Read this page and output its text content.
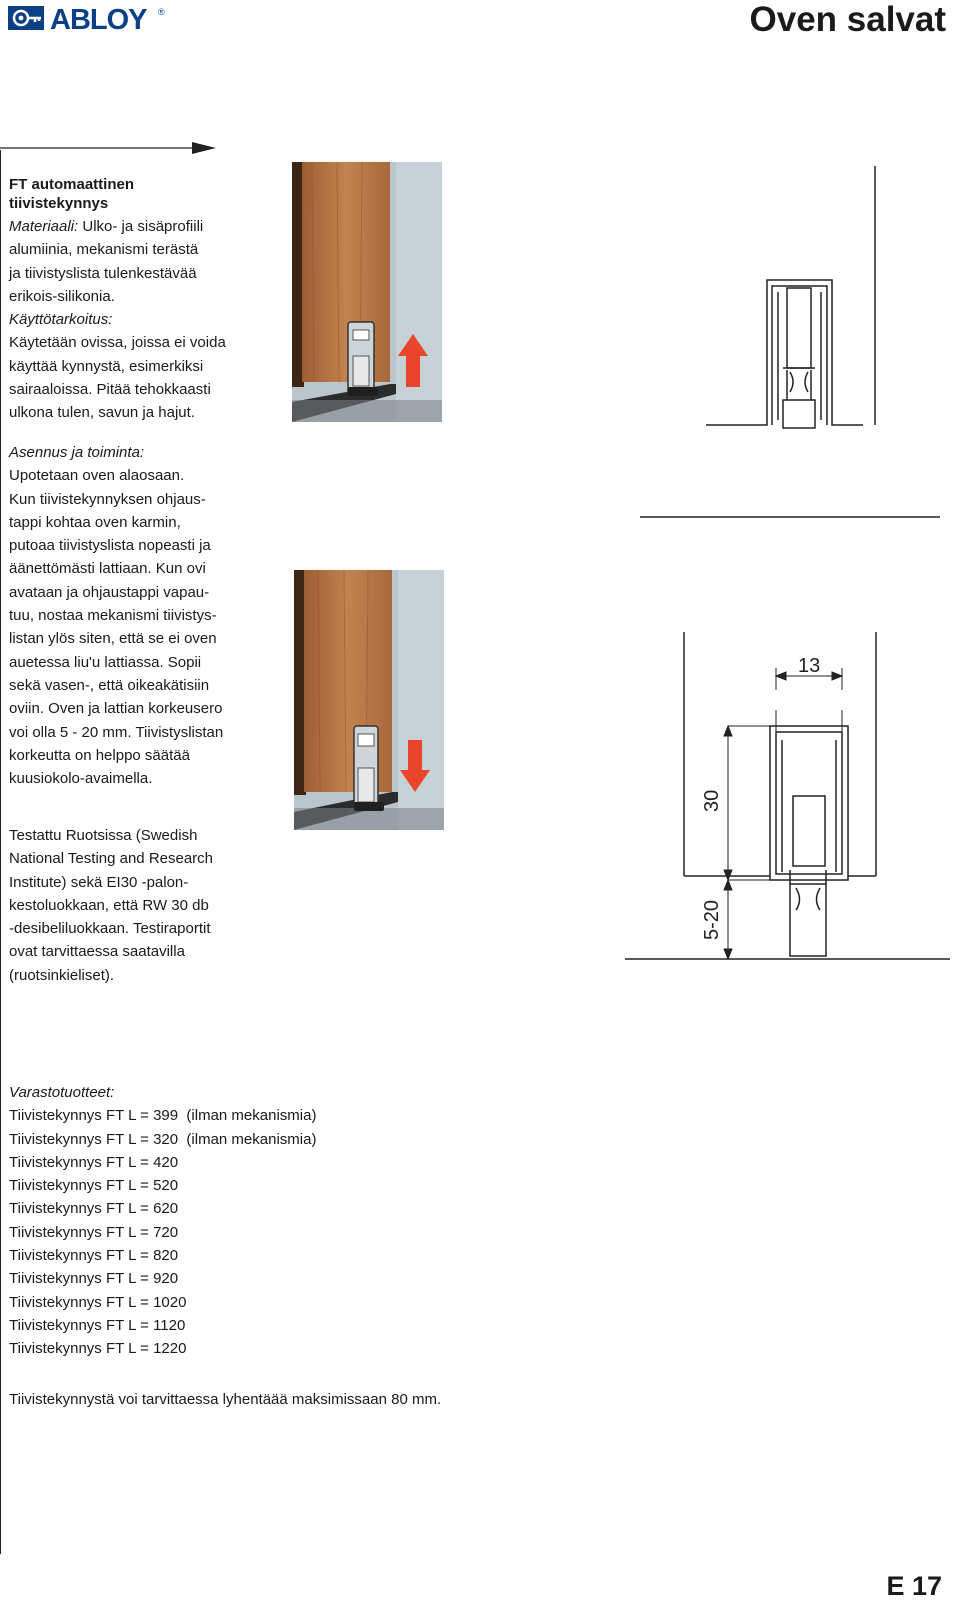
ABLOY ®	Oven salvat

FT automaattinen

tiivistekynnys

Materiaali: Ulko- ja sisäprofiili

alumiinia, mekanismi terästä

ja tiivistyslista tulenkestävää

erikois-silikonia.

Käyttötarkoitus:

Käytetään ovissa, joissa ei voida

käyttää kynnystä, esimerkiksi

sairaaloissa. Pitää tehokkaasti

ulkona tulen, savun ja hajut.

Asennus ja toiminta:

Upotetaan oven alaosaan.

Kun tiivistekynnyksen ohjaus-

tappi kohtaa oven karmin,

putoaa tiivistyslista nopeasti ja

äänettömästi lattiaan. Kun ovi

avataan ja ohjaustappi vapau-

tuu, nostaa mekanismi tiivistys-

listan ylös siten, että se ei oven

auetessa liu'u lattiassa. Sopii

sekä vasen-, että oikeakätisiin

oviin. Oven ja lattian korkeusero

voi olla 5 - 20 mm. Tiivistyslistan

korkeutta on helppo säätää

kuusiokolo-avaimella.

Testattu Ruotsissa (Swedish

National Testing and Research

Institute) sekä EI30 -palon-

kestoluokkaan, että RW 30 db

-desibeliluokkaan. Testiraportit

ovat tarvittaessa saatavilla

(ruotsinkieliset).

13
30
5-20

Varastotuotteet:

Tiivistekynnys FT L = 399  (ilman mekanismia)

Tiivistekynnys FT L = 320  (ilman mekanismia)

Tiivistekynnys FT L = 420

Tiivistekynnys FT L = 520

Tiivistekynnys FT L = 620

Tiivistekynnys FT L = 720

Tiivistekynnys FT L = 820

Tiivistekynnys FT L = 920

Tiivistekynnys FT L = 1020

Tiivistekynnys FT L = 1120

Tiivistekynnys FT L = 1220

Tiivistekynnystä voi tarvittaessa lyhentäää maksimissaan 80 mm.
E 17
